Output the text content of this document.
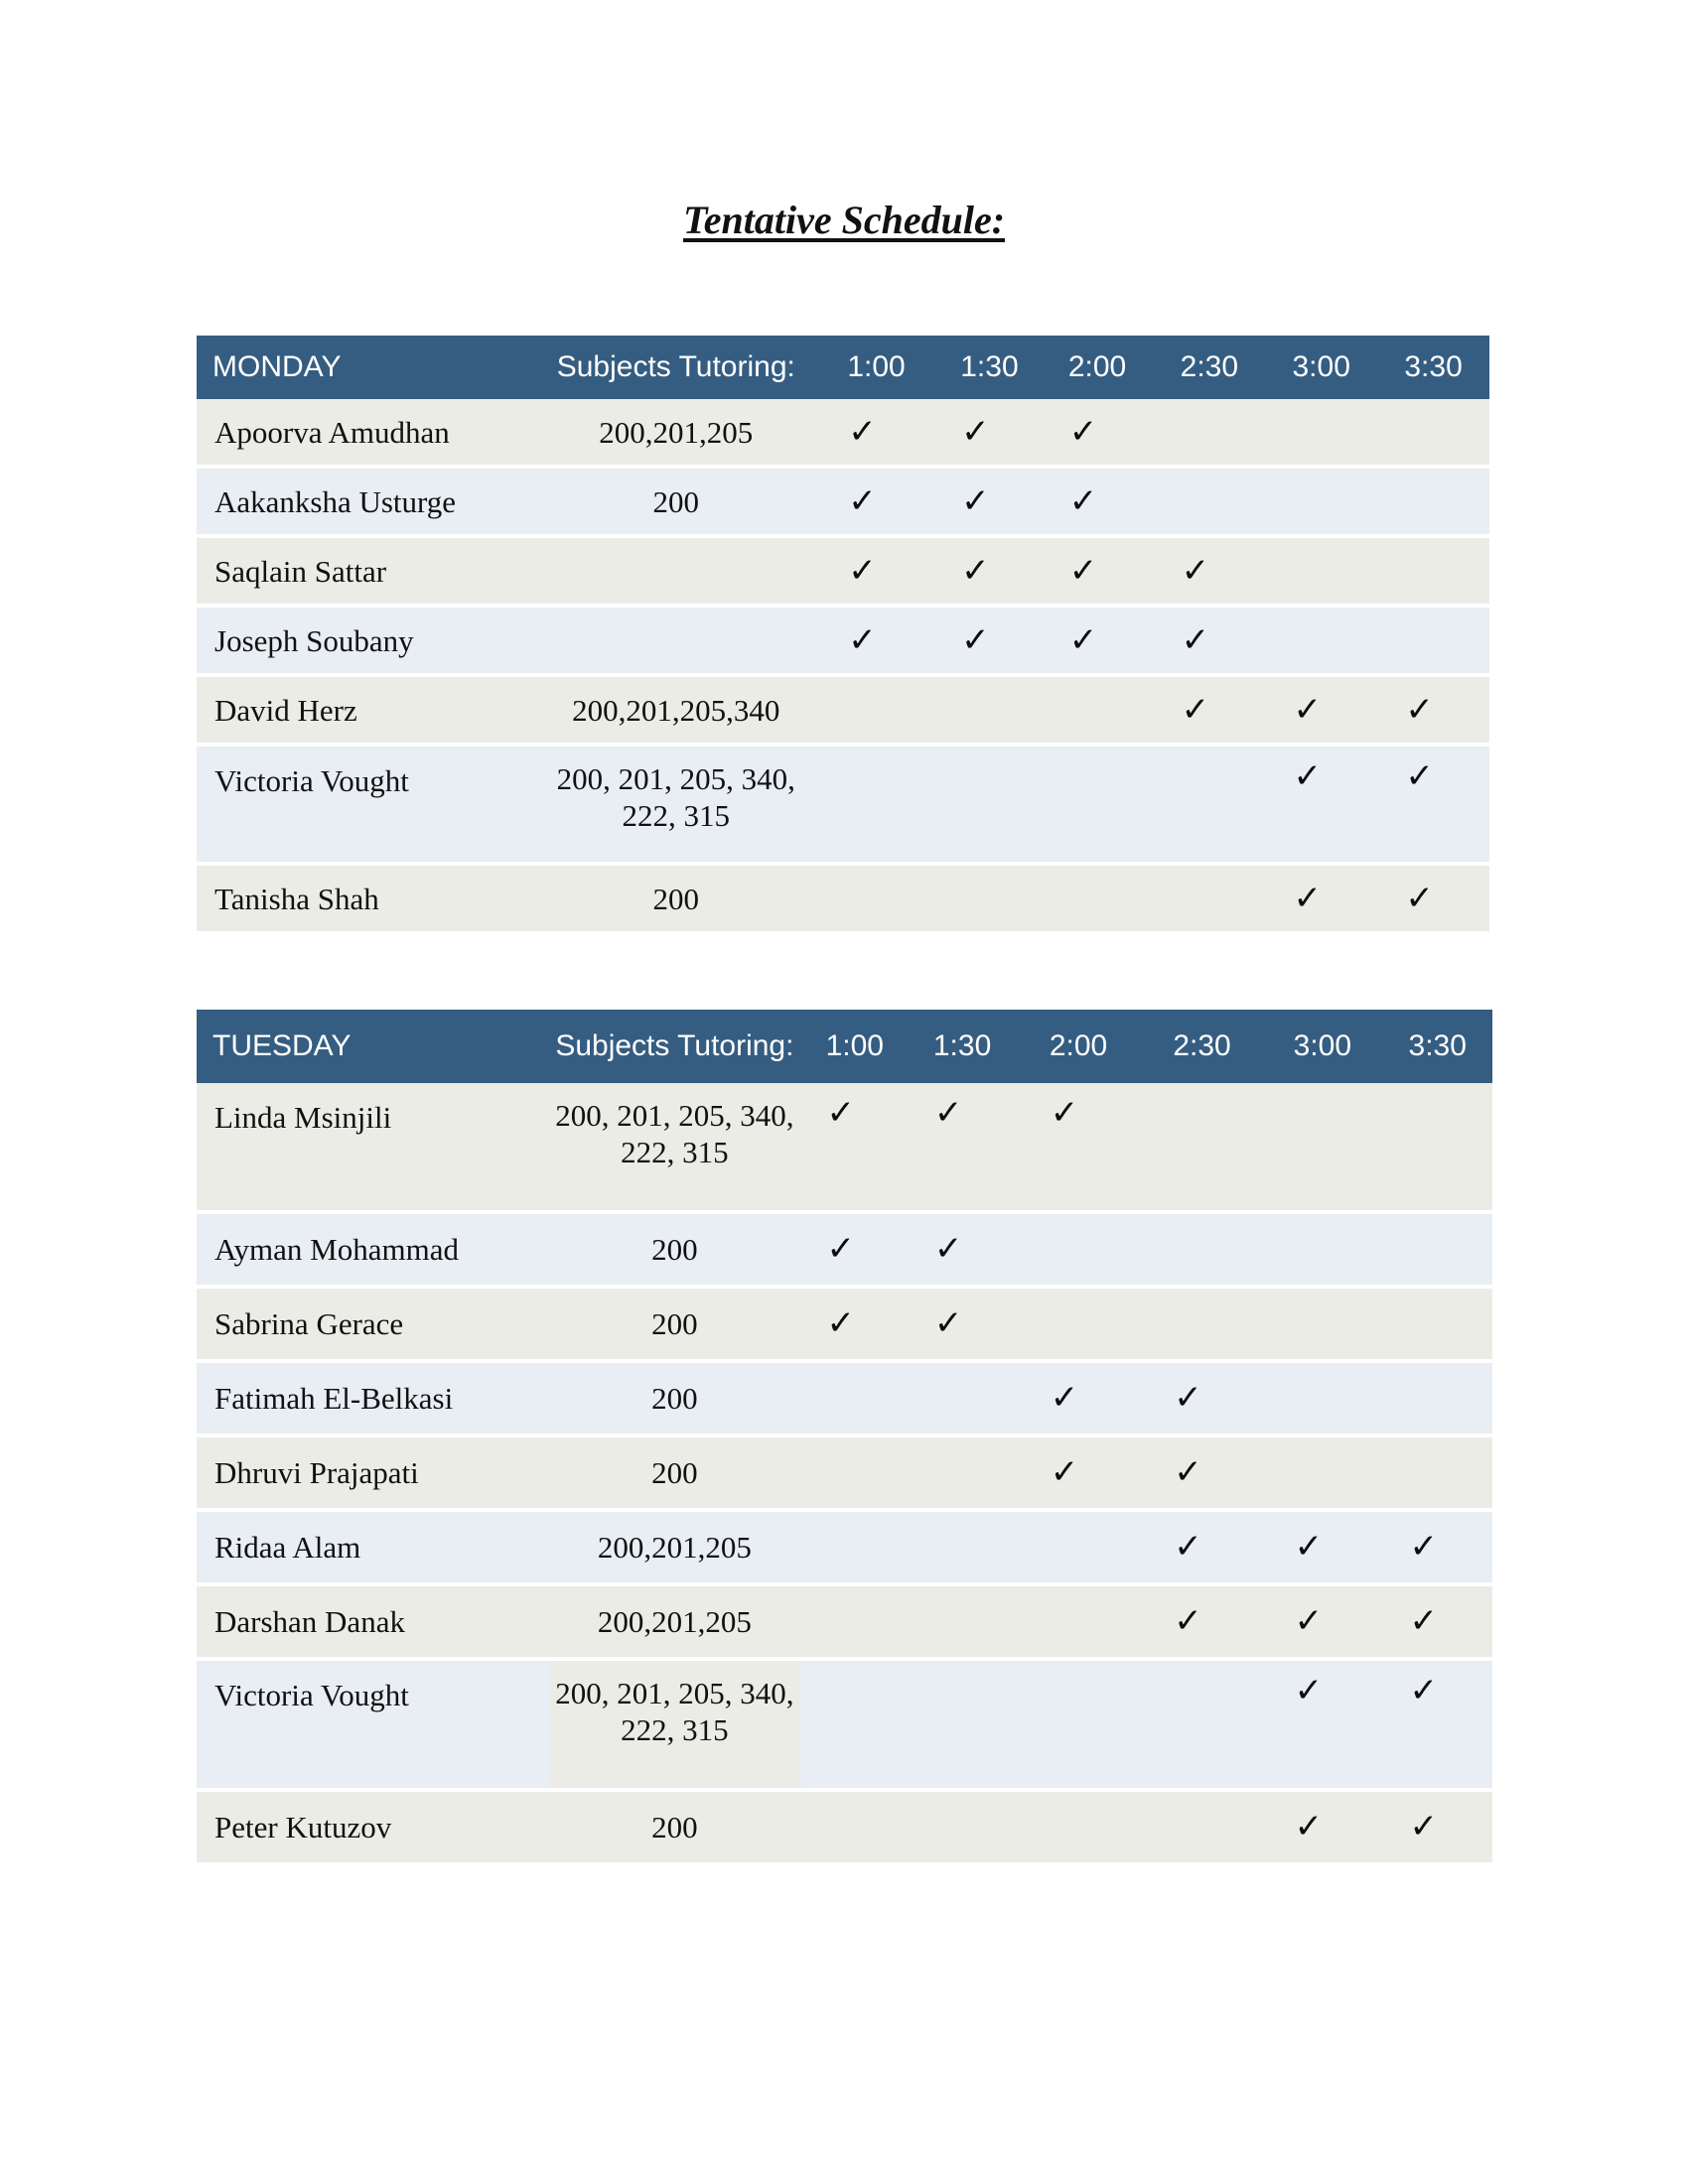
Tentative Schedule:
MONDAY	Subjects Tutoring:	1:00	1:30	2:00	2:30	3:00	3:30
Apoorva Amudhan	200,201,205	✓	✓	✓			
Aakanksha Usturge	200	✓	✓	✓			
Saqlain Sattar		✓	✓	✓	✓		
Joseph Soubany		✓	✓	✓	✓		
David Herz	200,201,205,340				✓	✓	✓
Victoria Vought	200, 201, 205, 340,
222, 315					✓	✓
Tanisha Shah	200					✓	✓
TUESDAY	Subjects Tutoring:	1:00	1:30	2:00	2:30	3:00	3:30
Linda Msinjili	200, 201, 205, 340,
222, 315	✓	✓	✓			
Ayman Mohammad	200	✓	✓				
Sabrina Gerace	200	✓	✓				
Fatimah El-Belkasi	200			✓	✓		
Dhruvi Prajapati	200			✓	✓		
Ridaa Alam	200,201,205				✓	✓	✓
Darshan Danak	200,201,205				✓	✓	✓
Victoria Vought	200, 201, 205, 340,
222, 315					✓	✓
Peter Kutuzov	200					✓	✓
